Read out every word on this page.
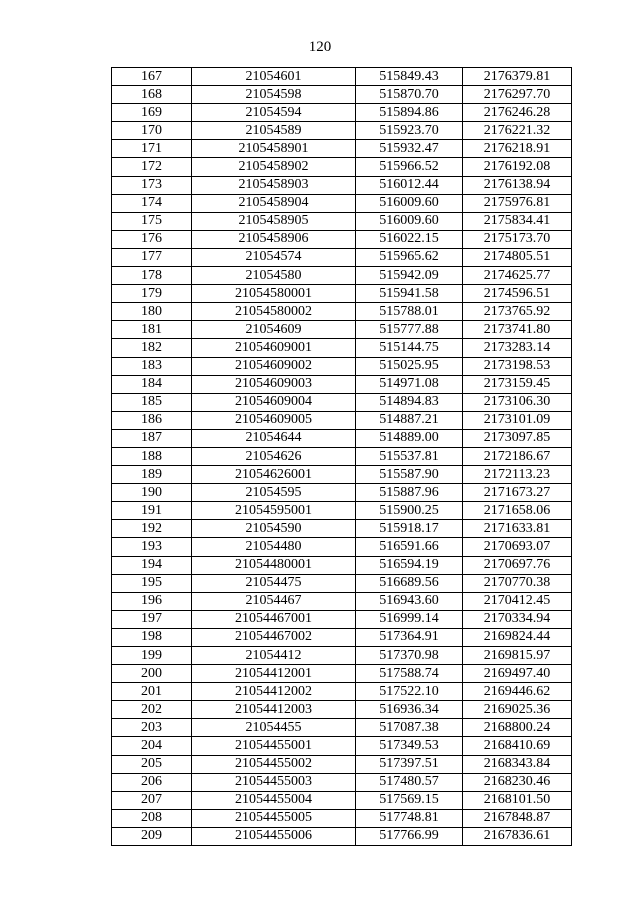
120
167	21054601	515849.43	2176379.81
168	21054598	515870.70	2176297.70
169	21054594	515894.86	2176246.28
170	21054589	515923.70	2176221.32
171	2105458901	515932.47	2176218.91
172	2105458902	515966.52	2176192.08
173	2105458903	516012.44	2176138.94
174	2105458904	516009.60	2175976.81
175	2105458905	516009.60	2175834.41
176	2105458906	516022.15	2175173.70
177	21054574	515965.62	2174805.51
178	21054580	515942.09	2174625.77
179	21054580001	515941.58	2174596.51
180	21054580002	515788.01	2173765.92
181	21054609	515777.88	2173741.80
182	21054609001	515144.75	2173283.14
183	21054609002	515025.95	2173198.53
184	21054609003	514971.08	2173159.45
185	21054609004	514894.83	2173106.30
186	21054609005	514887.21	2173101.09
187	21054644	514889.00	2173097.85
188	21054626	515537.81	2172186.67
189	21054626001	515587.90	2172113.23
190	21054595	515887.96	2171673.27
191	21054595001	515900.25	2171658.06
192	21054590	515918.17	2171633.81
193	21054480	516591.66	2170693.07
194	21054480001	516594.19	2170697.76
195	21054475	516689.56	2170770.38
196	21054467	516943.60	2170412.45
197	21054467001	516999.14	2170334.94
198	21054467002	517364.91	2169824.44
199	21054412	517370.98	2169815.97
200	21054412001	517588.74	2169497.40
201	21054412002	517522.10	2169446.62
202	21054412003	516936.34	2169025.36
203	21054455	517087.38	2168800.24
204	21054455001	517349.53	2168410.69
205	21054455002	517397.51	2168343.84
206	21054455003	517480.57	2168230.46
207	21054455004	517569.15	2168101.50
208	21054455005	517748.81	2167848.87
209	21054455006	517766.99	2167836.61
